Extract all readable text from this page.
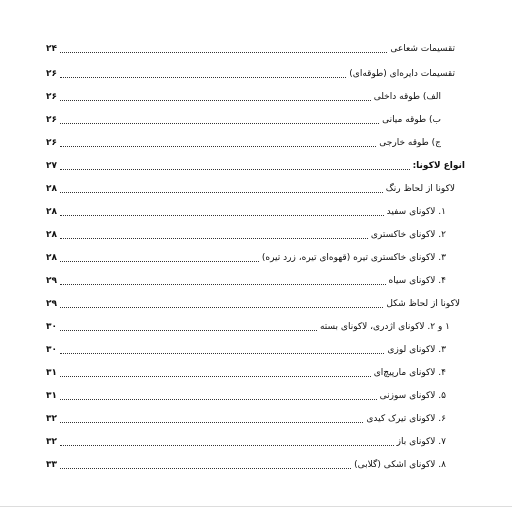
۲۴	تقسیمات شعاعی
۲۶	تقسیمات دایره‌ای (طوقه‌ای)
۲۶	الف) طوقه داخلی
۲۶	ب) طوقه میانی
۲۶	ج) طوقه خارجی
۲۷	انواع لاکونا:
۲۸	لاکونا از لحاظ رنگ
۲۸	۱. لاکونای سفید
۲۸	۲. لاکونای خاکستری
۲۸	۳. لاکونای خاکستری تیره (قهوه‌ای تیره، زرد تیره)
۲۹	۴. لاکونای سیاه
۲۹	لاکونا از لحاظ شکل
۳۰	۱ و ۲. لاکونای اژدری، لاکونای بسته
۳۰	۳. لاکونای لوزی
۳۱	۴. لاکونای مارپیچ‌ای
۳۱	۵. لاکونای سوزنی
۳۲	۶. لاکونای تیرک کیدی
۳۲	۷. لاکونای باز
۳۳	۸. لاکونای اشکی (گلابی)
